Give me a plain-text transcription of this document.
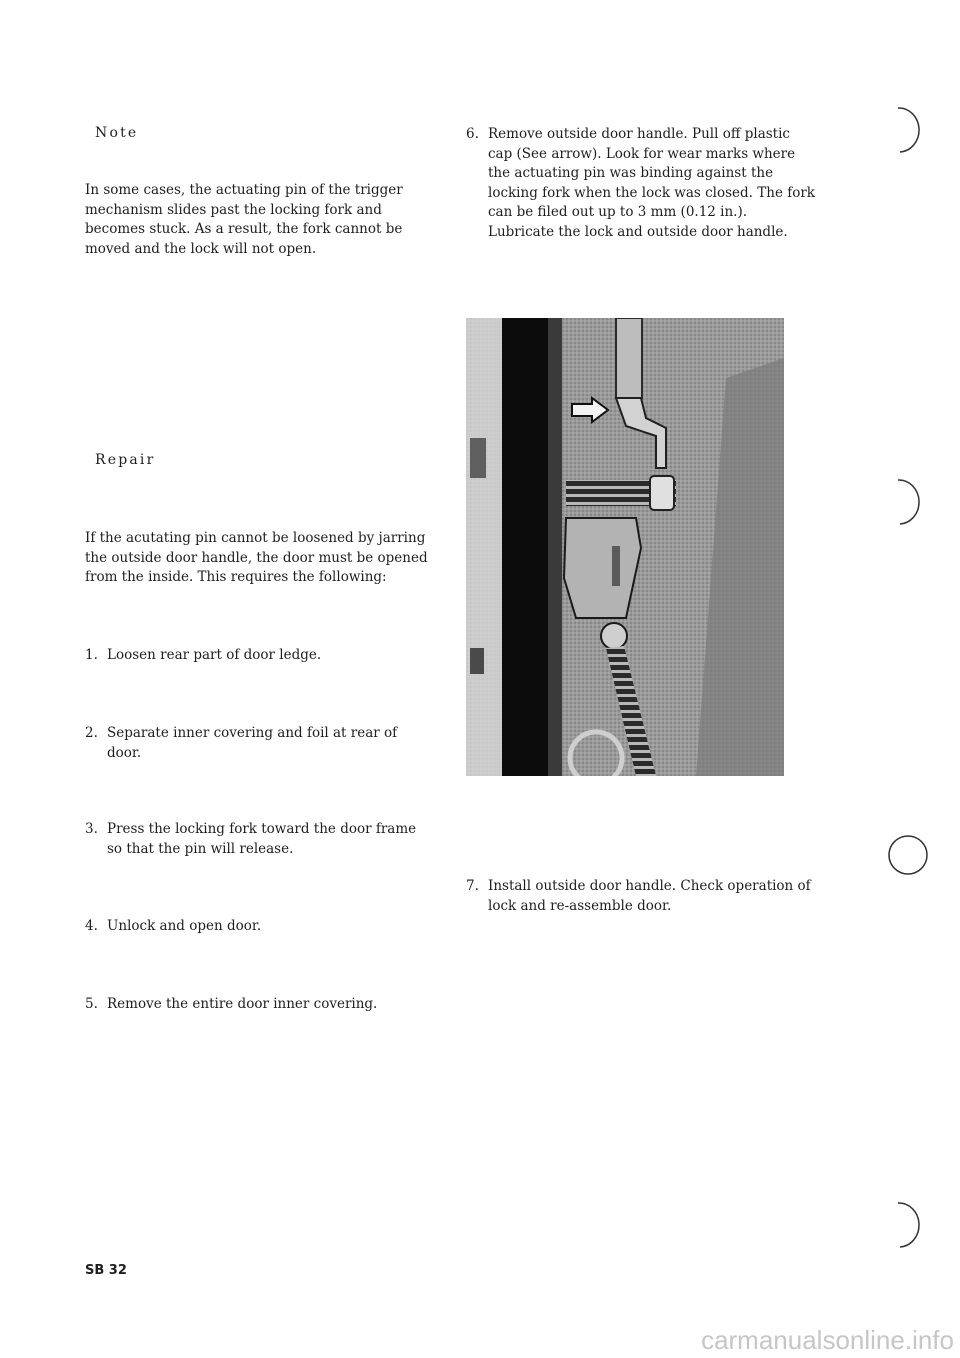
Note

In some cases, the actuating pin of the trigger mechanism slides past the locking fork and becomes stuck. As a result, the fork cannot be moved and the lock will not open.

Repair

If the acutating pin cannot be loosened by jarring the outside door handle, the door must be opened from the inside. This requires the following:

1. Loosen rear part of door ledge.
2. Separate inner covering and foil at rear of door.
3. Press the locking fork toward the door frame so that the pin will release.
4. Unlock and open door.
5. Remove the entire door inner covering.
6. Remove outside door handle. Pull off plastic cap (See arrow). Look for wear marks where the actuating pin was binding against the locking fork when the lock was closed. The fork can be filed out up to 3 mm (0.12 in.). Lubricate the lock and outside door handle.
7. Install outside door handle. Check operation of lock and re-assemble door.
SB 32
carmanualsonline.info
